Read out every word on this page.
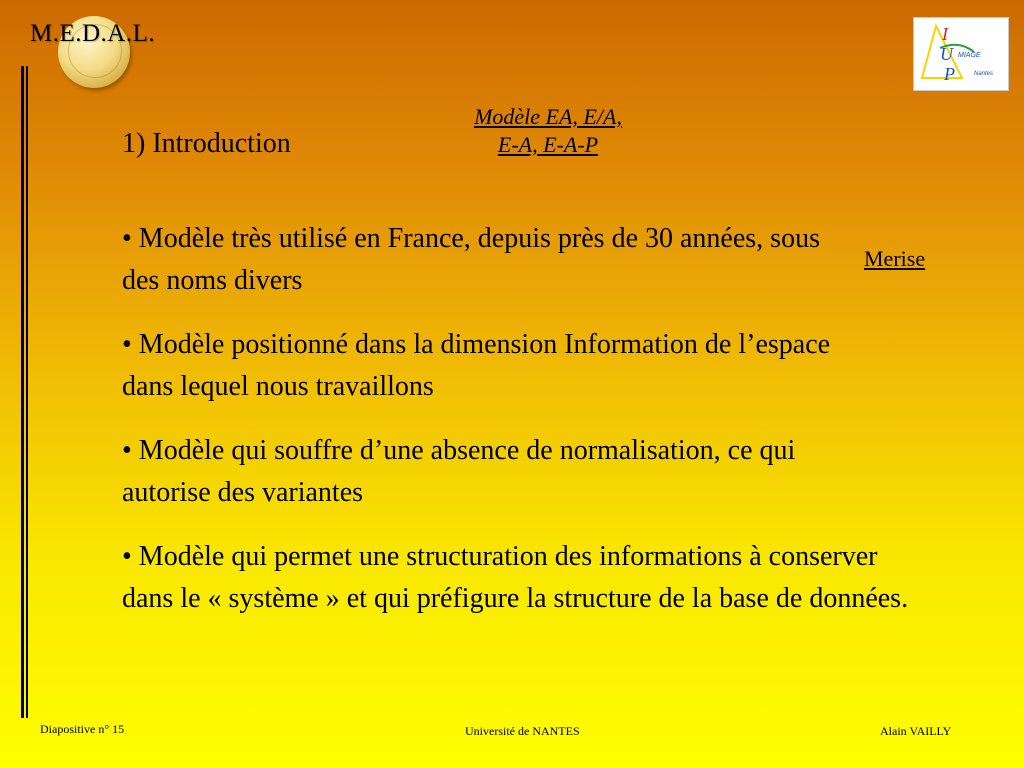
M.E.D.A.L.	I
U
P
MIAGE
Nantes
1) Introduction
Modèle EA, E/A,
E-A, E-A-P
Merise

• Modèle très utilisé en France, depuis près de 30 années, sous des noms divers

• Modèle positionné dans la dimension Information de l’espace dans lequel nous travaillons

• Modèle qui souffre d’une absence de normalisation, ce qui autorise des variantes

• Modèle qui permet une structuration des informations à conserver dans le « système » et qui préfigure la structure de la base de données.

Diapositive n° 15	Université de NANTES	Alain VAILLY
